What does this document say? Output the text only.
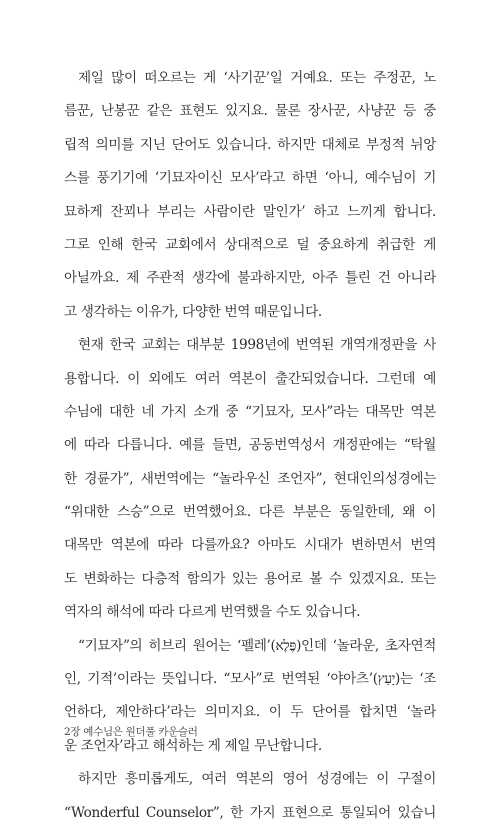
제일 많이 떠오르는 게 ‘사기꾼’일 거예요. 또는 주정꾼, 노
름꾼, 난봉꾼 같은 표현도 있지요. 물론 장사꾼, 사냥꾼 등 중
립적 의미를 지닌 단어도 있습니다. 하지만 대체로 부정적 뉘앙
스를 풍기기에 ‘기묘자이신 모사’라고 하면 ‘아니, 예수님이 기
묘하게 잔꾀나 부리는 사람이란 말인가’ 하고 느끼게 합니다.
그로 인해 한국 교회에서 상대적으로 덜 중요하게 취급한 게
아닐까요. 제 주관적 생각에 불과하지만, 아주 틀린 건 아니라
고 생각하는 이유가, 다양한 번역 때문입니다.
현재 한국 교회는 대부분 1998년에 번역된 개역개정판을 사
용합니다. 이 외에도 여러 역본이 출간되었습니다. 그런데 예
수님에 대한 네 가지 소개 중 “기묘자, 모사”라는 대목만 역본
에 따라 다릅니다. 예를 들면, 공동번역성서 개정판에는 “탁월
한 경륜가”, 새번역에는 “놀라우신 조언자”, 현대인의성경에는
“위대한 스승”으로 번역했어요. 다른 부분은 동일한데, 왜 이
대목만 역본에 따라 다를까요? 아마도 시대가 변하면서 번역
도 변화하는 다층적 함의가 있는 용어로 볼 수 있겠지요. 또는
역자의 해석에 따라 다르게 번역했을 수도 있습니다.
“기묘자”의 히브리 원어는 ‘펠레’(פֶּלֶא)인데 ‘놀라운, 초자연적
인, 기적’이라는 뜻입니다. “모사”로 번역된 ‘야아츠’(יָעַץ)는 ‘조
언하다, 제안하다’라는 의미지요. 이 두 단어를 합치면 ‘놀라
운 조언자’라고 해석하는 게 제일 무난합니다.
하지만 흥미롭게도, 여러 역본의 영어 성경에는 이 구절이
“Wonderful Counselor”, 한 가지 표현으로 통일되어 있습니
2장 예수님은 원더풀 카운슬러
